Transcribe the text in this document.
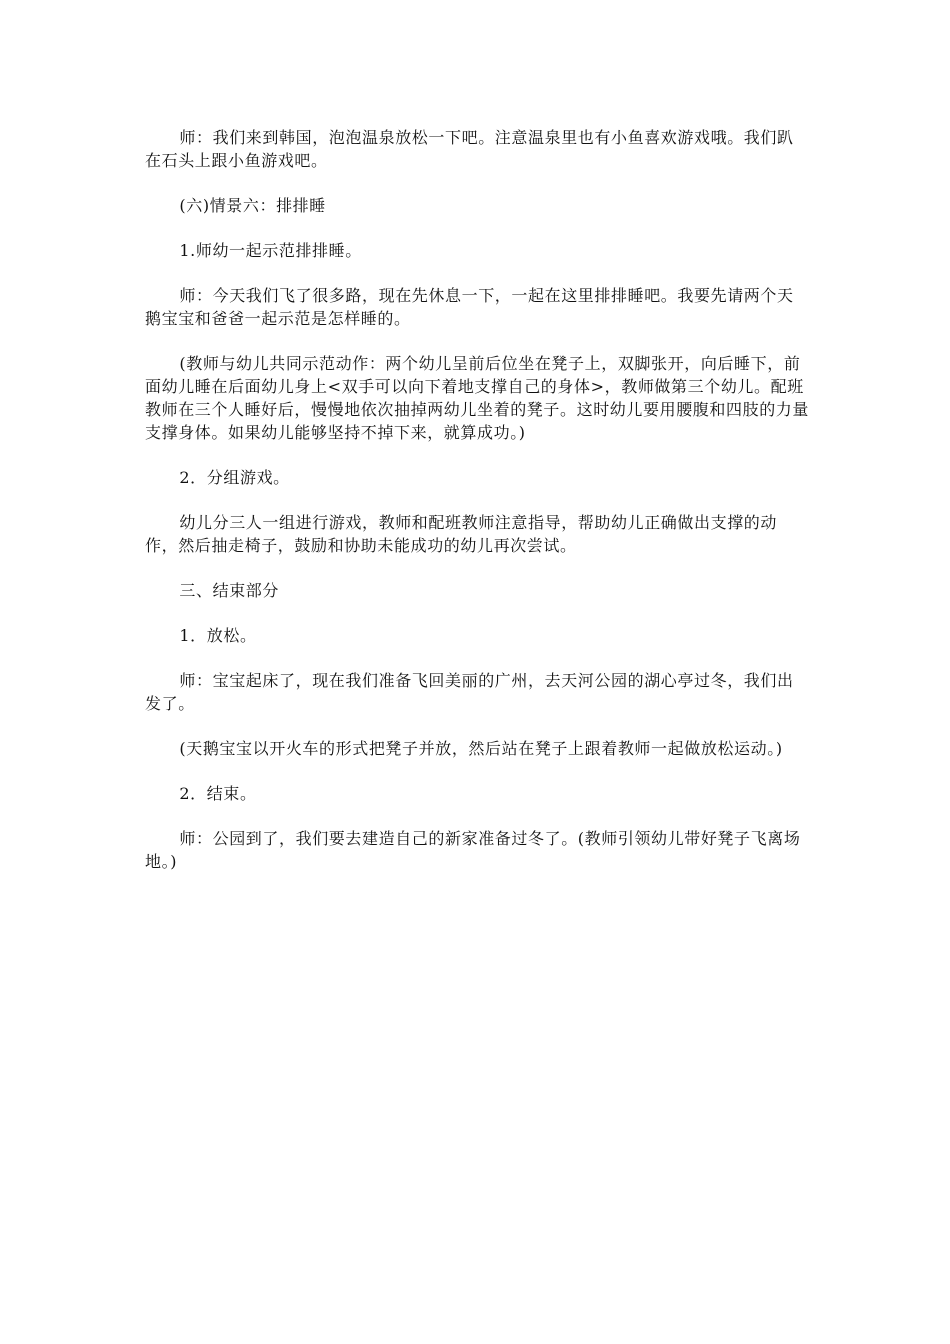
师：我们来到韩国，泡泡温泉放松一下吧。注意温泉里也有小鱼喜欢游戏哦。我们趴在石头上跟小鱼游戏吧。

(六)情景六：排排睡

1.师幼一起示范排排睡。

师：今天我们飞了很多路，现在先休息一下，一起在这里排排睡吧。我要先请两个天鹅宝宝和爸爸一起示范是怎样睡的。

(教师与幼儿共同示范动作：两个幼儿呈前后位坐在凳子上，双脚张开，向后睡下，前面幼儿睡在后面幼儿身上<双手可以向下着地支撑自己的身体>，教师做第三个幼儿。配班教师在三个人睡好后，慢慢地依次抽掉两幼儿坐着的凳子。这时幼儿要用腰腹和四肢的力量支撑身体。如果幼儿能够坚持不掉下来，就算成功。)

2．分组游戏。

幼儿分三人一组进行游戏，教师和配班教师注意指导，帮助幼儿正确做出支撑的动作，然后抽走椅子，鼓励和协助未能成功的幼儿再次尝试。

三、结束部分

1．放松。

师：宝宝起床了，现在我们准备飞回美丽的广州，去天河公园的湖心亭过冬，我们出发了。

(天鹅宝宝以开火车的形式把凳子并放，然后站在凳子上跟着教师一起做放松运动。)

2．结束。

师：公园到了，我们要去建造自己的新家准备过冬了。(教师引领幼儿带好凳子飞离场地。)
